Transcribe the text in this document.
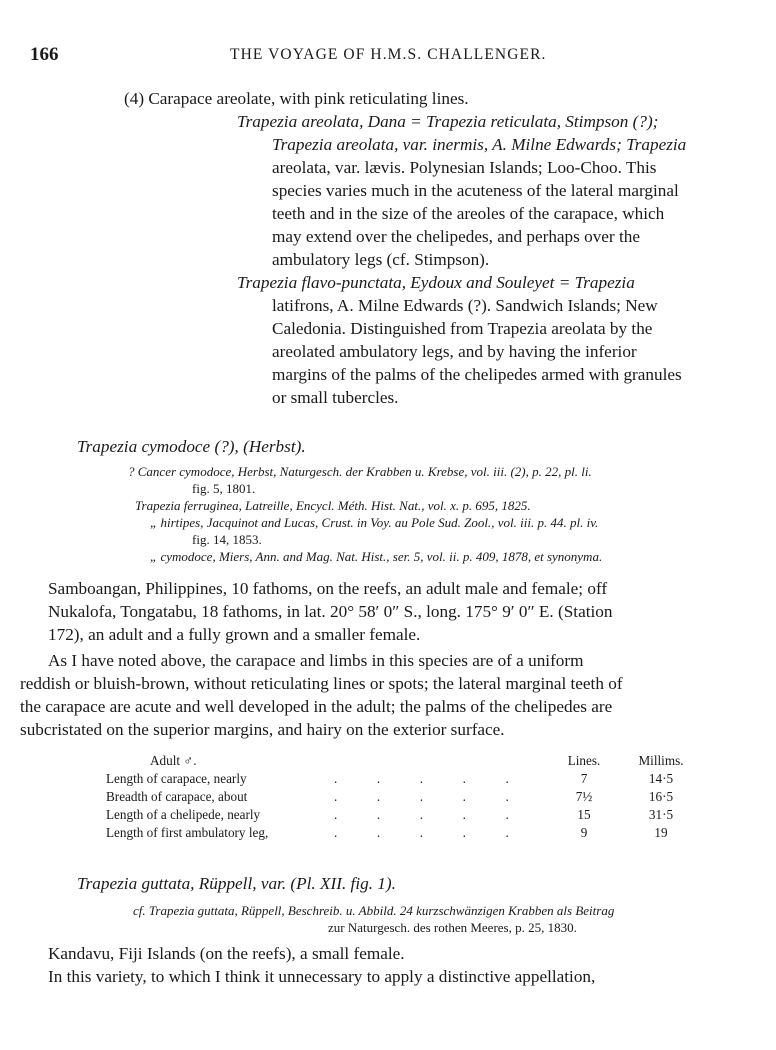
166	THE VOYAGE OF H.M.S. CHALLENGER.
(4) Carapace areolate, with pink reticulating lines.
Trapezia areolata, Dana = Trapezia reticulata, Stimpson (?);
Trapezia areolata, var. inermis, A. Milne Edwards; Trapezia
areolata, var. lævis. Polynesian Islands; Loo-Choo. This
species varies much in the acuteness of the lateral marginal
teeth and in the size of the areoles of the carapace, which
may extend over the chelipedes, and perhaps over the
ambulatory legs (cf. Stimpson).
Trapezia flavo-punctata, Eydoux and Souleyet = Trapezia
latifrons, A. Milne Edwards (?). Sandwich Islands; New
Caledonia. Distinguished from Trapezia areolata by the
areolated ambulatory legs, and by having the inferior
margins of the palms of the chelipedes armed with granules
or small tubercles.
Trapezia cymodoce (?), (Herbst).
? Cancer cymodoce, Herbst, Naturgesch. der Krabben u. Krebse, vol. iii. (2), p. 22, pl. li.
fig. 5, 1801.
Trapezia ferruginea, Latreille, Encycl. Méth. Hist. Nat., vol. x. p. 695, 1825.
„ hirtipes, Jacquinot and Lucas, Crust. in Voy. au Pole Sud. Zool., vol. iii. p. 44. pl. iv.
fig. 14, 1853.
„ cymodoce, Miers, Ann. and Mag. Nat. Hist., ser. 5, vol. ii. p. 409, 1878, et synonyma.
Samboangan, Philippines, 10 fathoms, on the reefs, an adult male and female; off
Nukalofa, Tongatabu, 18 fathoms, in lat. 20° 58′ 0″ S., long. 175° 9′ 0″ E. (Station
172), an adult and a fully grown and a smaller female.
As I have noted above, the carapace and limbs in this species are of a uniform
reddish or bluish-brown, without reticulating lines or spots; the lateral marginal teeth of
the carapace are acute and well developed in the adult; the palms of the chelipedes are
subcristated on the superior margins, and hairy on the exterior surface.
Adult ♂.	Lines.	Millims.
Length of carapace, nearly	.            .            .            .            .	7	14·5
Breadth of carapace, about	.            .            .            .            .	7½	16·5
Length of a chelipede, nearly	.            .            .            .            .	15	31·5
Length of first ambulatory leg,	.            .            .            .            .	9	19
Trapezia guttata, Rüppell, var. (Pl. XII. fig. 1).
cf. Trapezia guttata, Rüppell, Beschreib. u. Abbild. 24 kurzschwänzigen Krabben als Beitrag
zur Naturgesch. des rothen Meeres, p. 25, 1830.
Kandavu, Fiji Islands (on the reefs), a small female.
In this variety, to which I think it unnecessary to apply a distinctive appellation,
